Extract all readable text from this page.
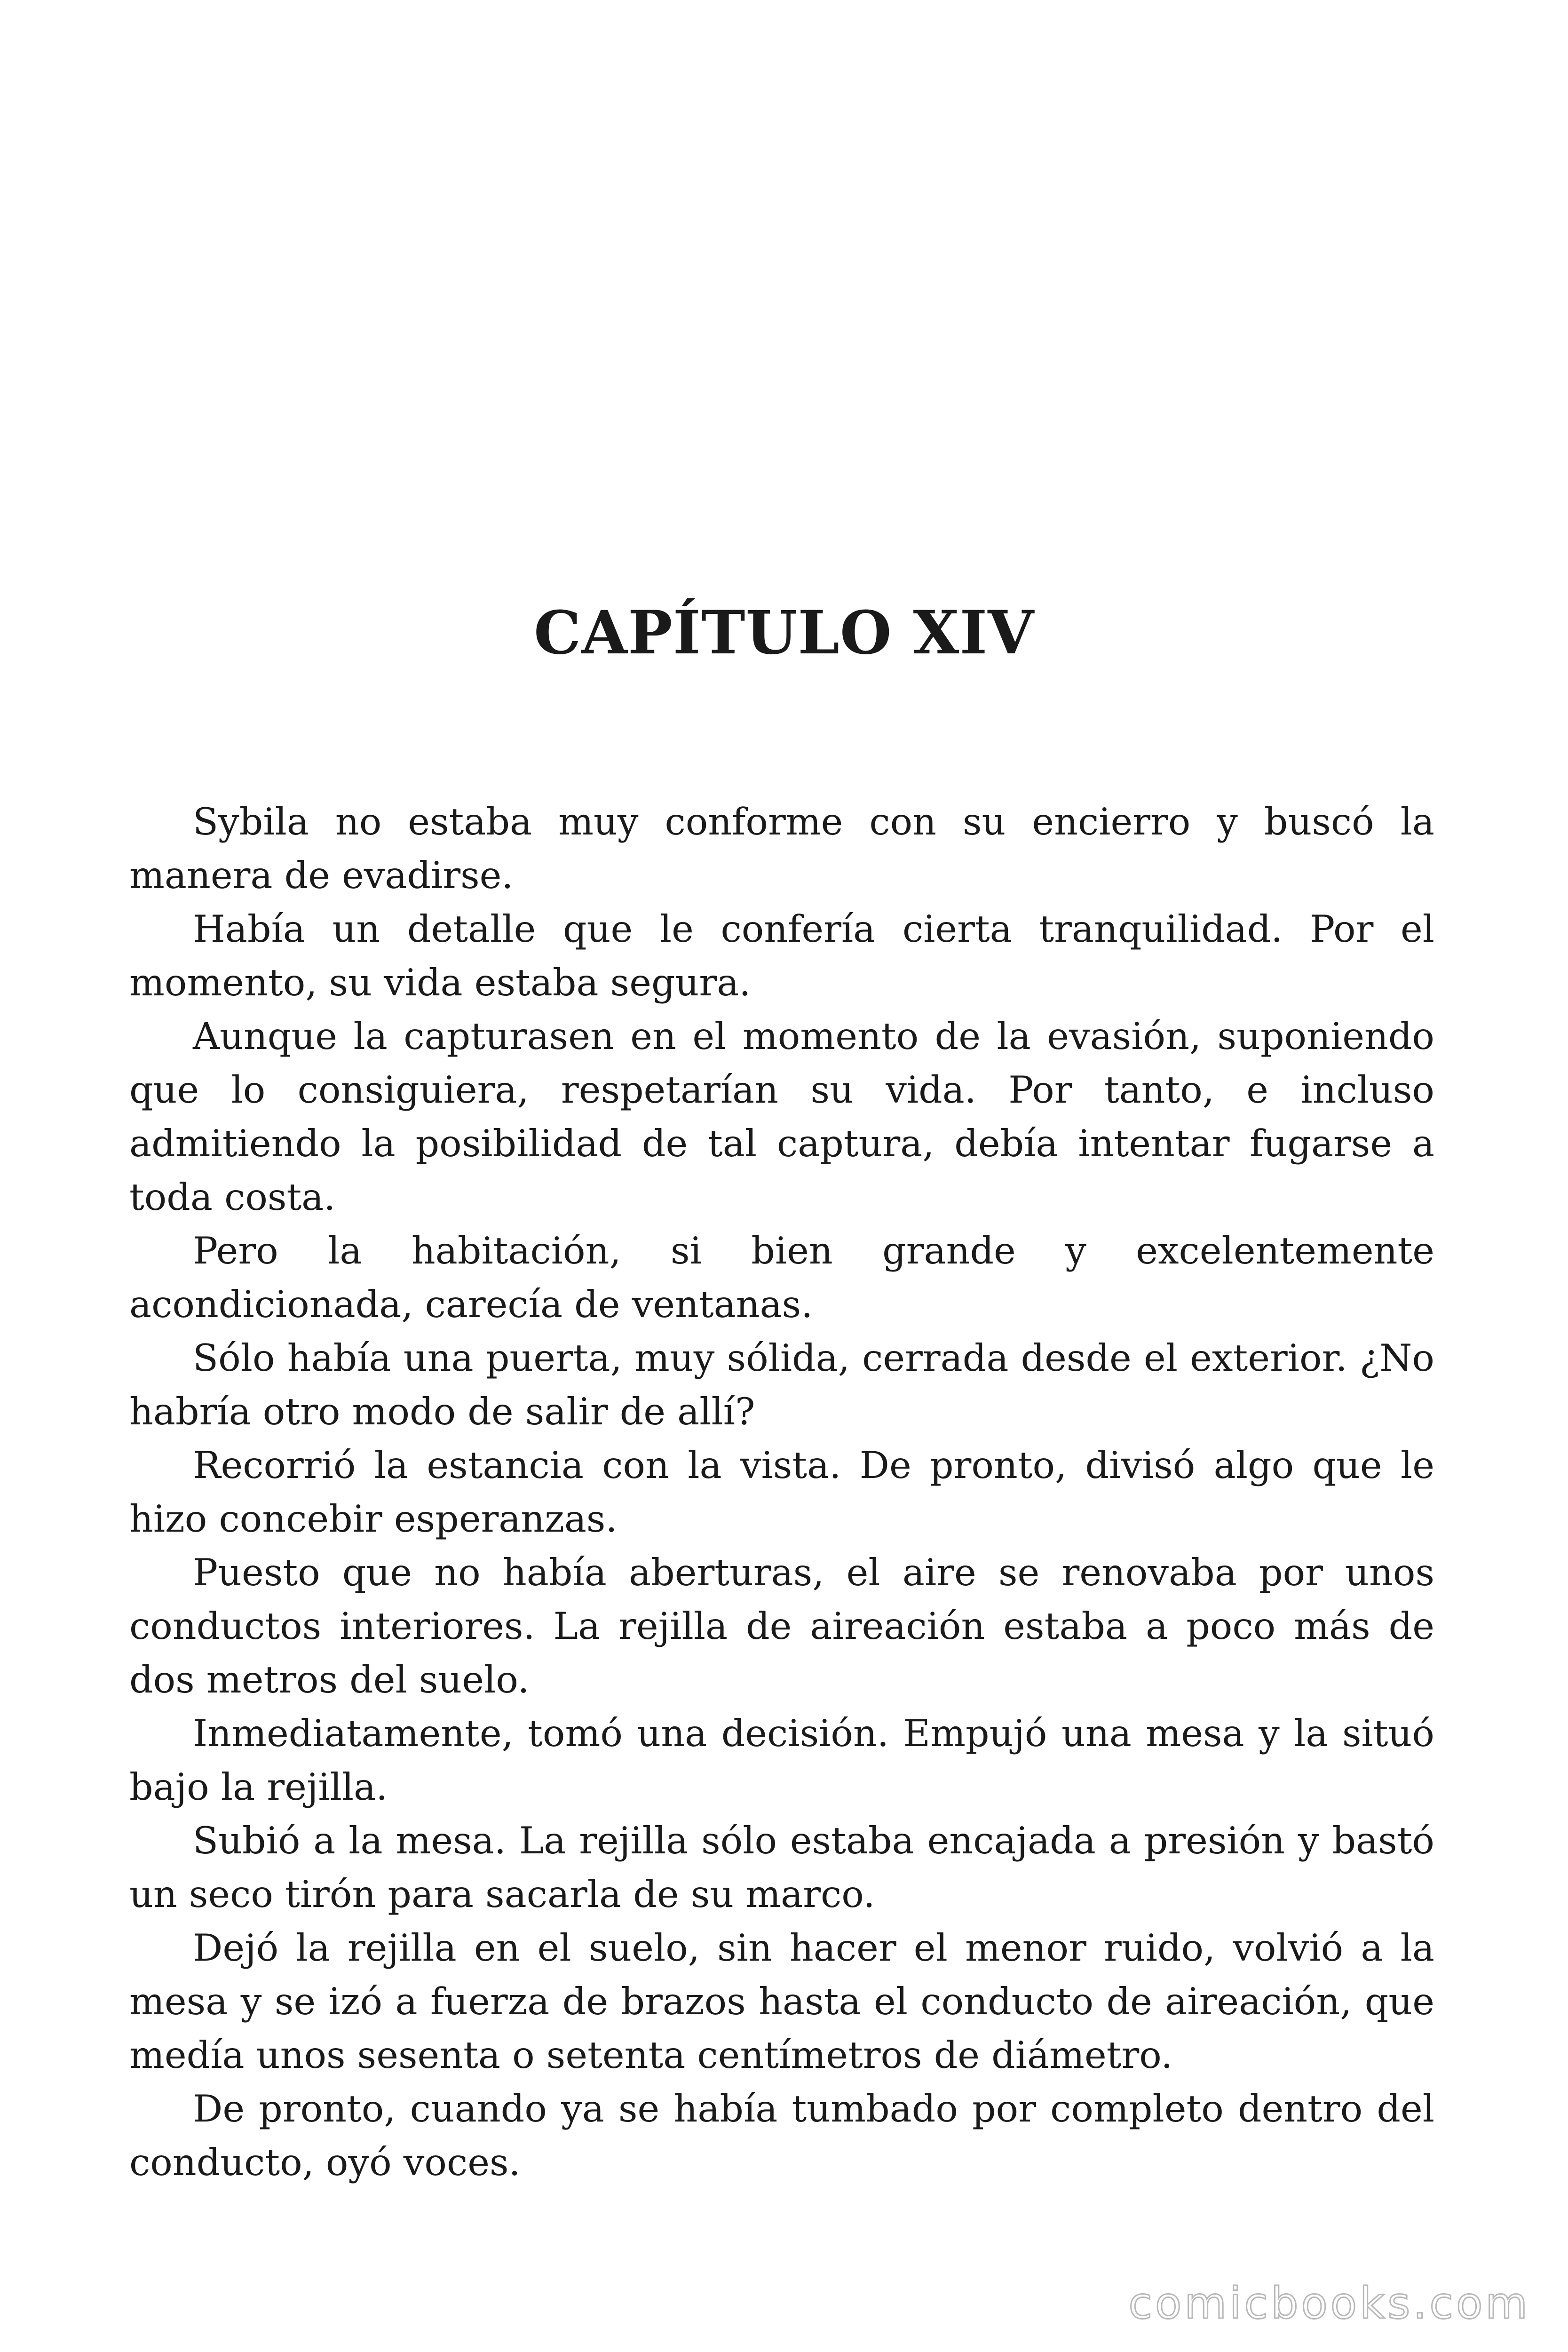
CAPÍTULO XIV

Sybila no estaba muy conforme con su encierro y buscó la manera de evadirse.

Había un detalle que le confería cierta tranquilidad. Por el momento, su vida estaba segura.

Aunque la capturasen en el momento de la evasión, suponiendo que lo consiguiera, respetarían su vida. Por tanto, e incluso admitiendo la posibilidad de tal captura, debía intentar fugarse a toda costa.

Pero la habitación, si bien grande y excelentemente acondicionada, carecía de ventanas.

Sólo había una puerta, muy sólida, cerrada desde el exterior. ¿No habría otro modo de salir de allí?

Recorrió la estancia con la vista. De pronto, divisó algo que le hizo concebir esperanzas.

Puesto que no había aberturas, el aire se renovaba por unos conductos interiores. La rejilla de aireación estaba a poco más de dos metros del suelo.

Inmediatamente, tomó una decisión. Empujó una mesa y la situó bajo la rejilla.

Subió a la mesa. La rejilla sólo estaba encajada a presión y bastó un seco tirón para sacarla de su marco.

Dejó la rejilla en el suelo, sin hacer el menor ruido, volvió a la mesa y se izó a fuerza de brazos hasta el conducto de aireación, que medía unos sesenta o setenta centímetros de diámetro.

De pronto, cuando ya se había tumbado por completo dentro del conducto, oyó voces.

comicbooks.com
